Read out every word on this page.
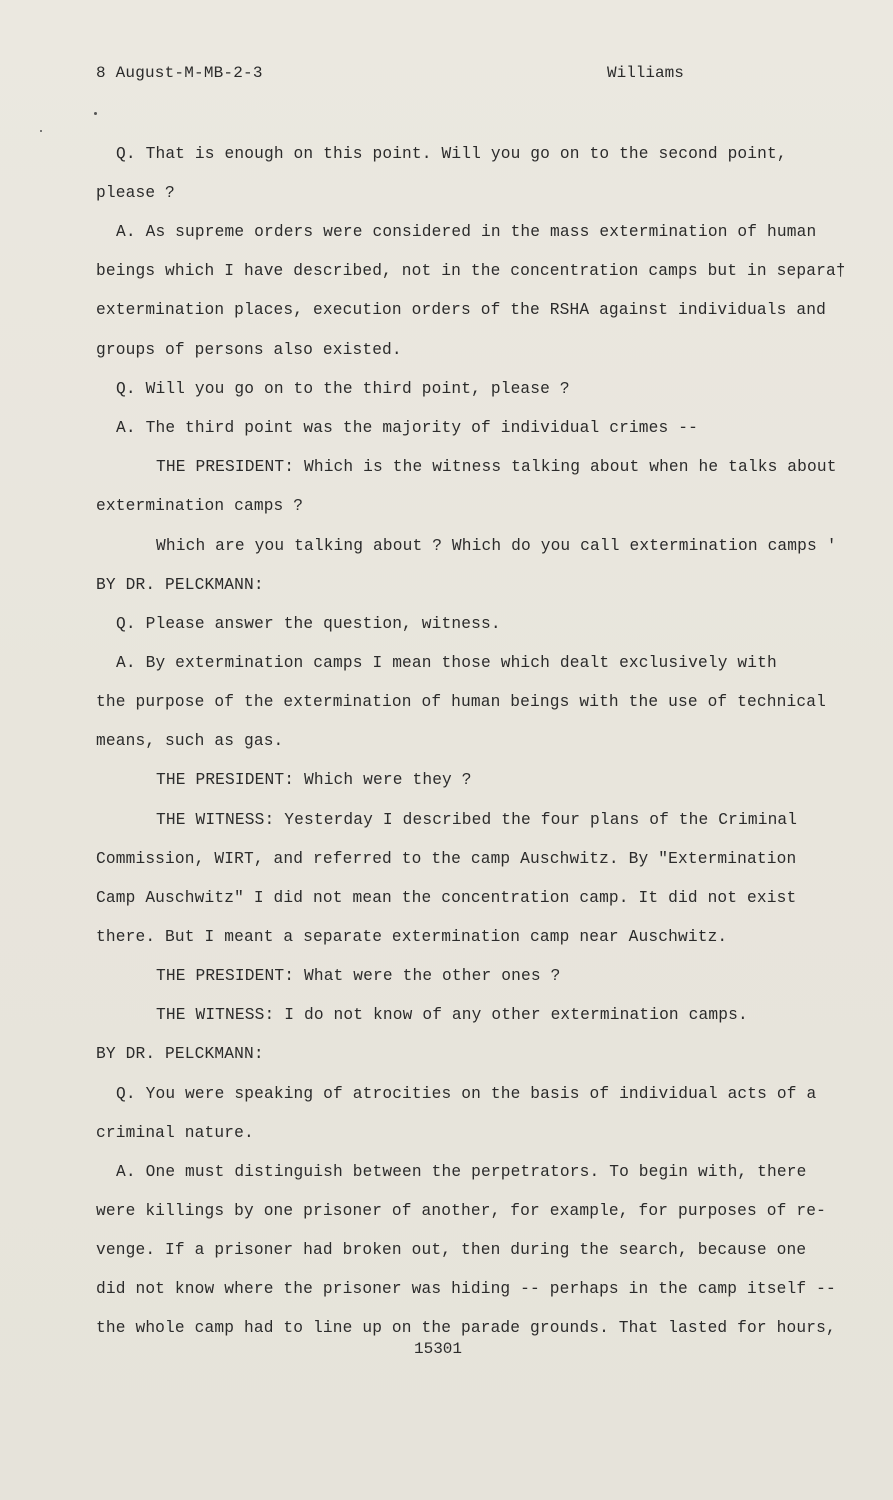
8 August-M-MB-2-3	Williams
Q. That is enough on this point. Will you go on to the second point,
please ?
A. As supreme orders were considered in the mass extermination of human
beings which I have described, not in the concentration camps but in separa†
extermination places, execution orders of the RSHA against individuals and
groups of persons also existed.
Q. Will you go on to the third point, please ?
A. The third point was the majority of individual crimes --
THE PRESIDENT: Which is the witness talking about when he talks about
extermination camps ?
Which are you talking about ? Which do you call extermination camps '
BY DR. PELCKMANN:
Q. Please answer the question, witness.
A. By extermination camps I mean those which dealt exclusively with
the purpose of the extermination of human beings with the use of technical
means, such as gas.
THE PRESIDENT: Which were they ?
THE WITNESS: Yesterday I described the four plans of the Criminal
Commission, WIRT, and referred to the camp Auschwitz. By "Extermination
Camp Auschwitz" I did not mean the concentration camp. It did not exist
there. But I meant a separate extermination camp near Auschwitz.
THE PRESIDENT: What were the other ones ?
THE WITNESS: I do not know of any other extermination camps.
BY DR. PELCKMANN:
Q. You were speaking of atrocities on the basis of individual acts of a
criminal nature.
A. One must distinguish between the perpetrators. To begin with, there
were killings by one prisoner of another, for example, for purposes of re-
venge. If a prisoner had broken out, then during the search, because one
did not know where the prisoner was hiding -- perhaps in the camp itself --
the whole camp had to line up on the parade grounds. That lasted for hours,
15301
